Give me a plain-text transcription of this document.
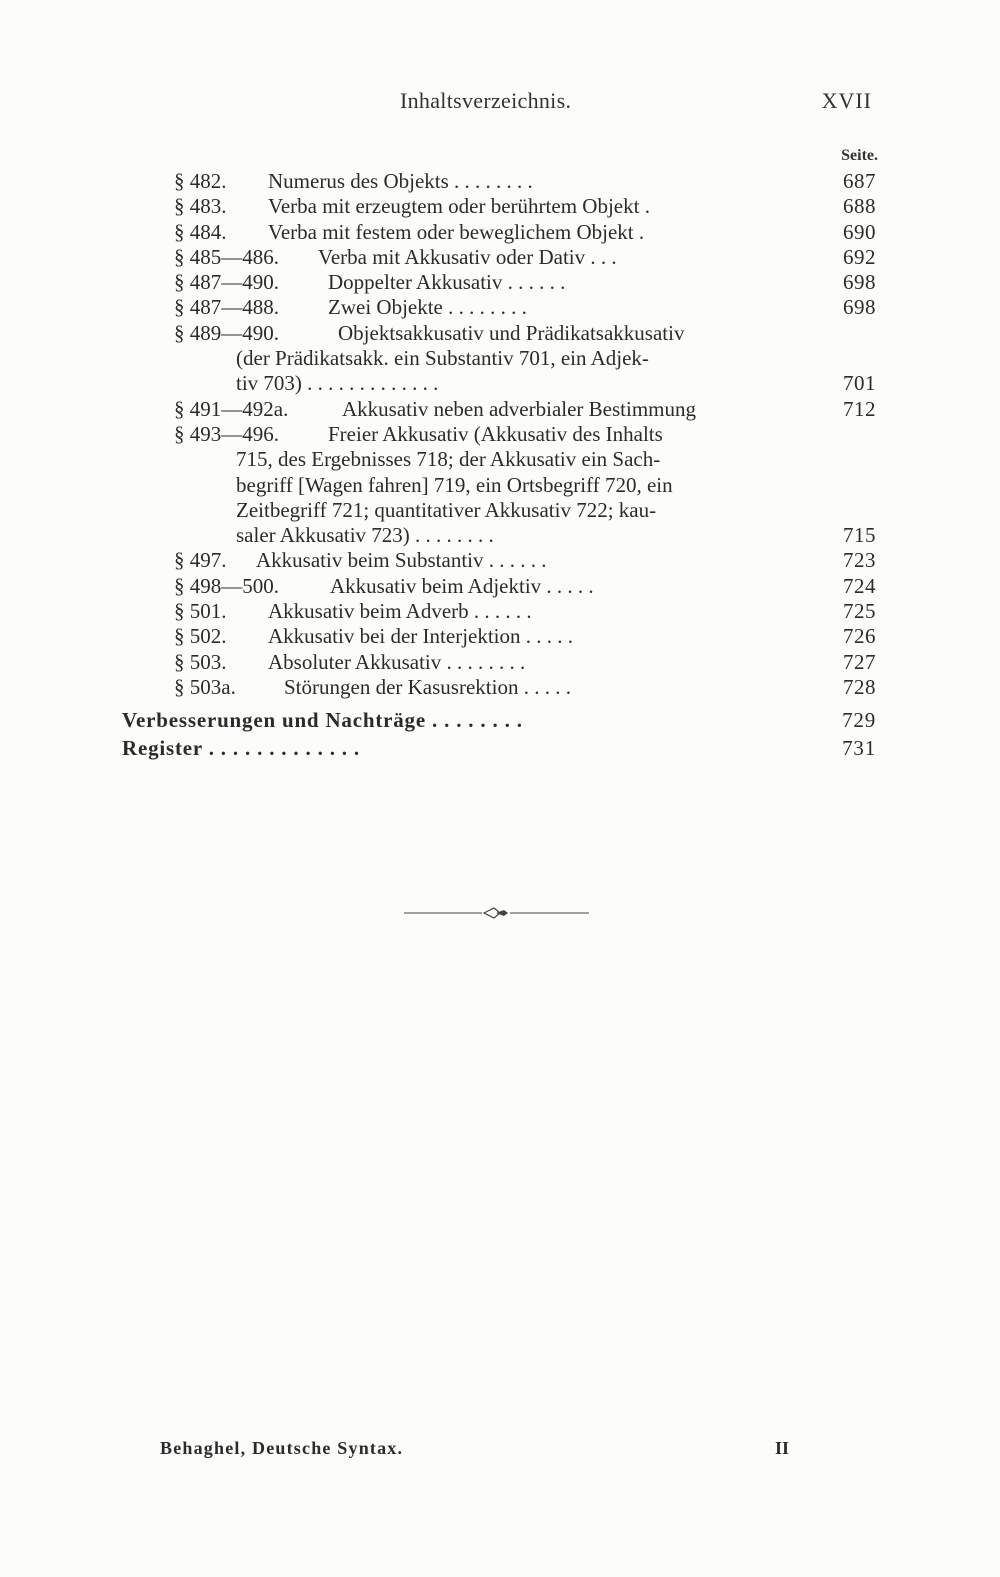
Inhaltsverzeichnis.	XVII
Seite.
§ 482. Numerus des Objekts . . . . . . . .	687
§ 483. Verba mit erzeugtem oder berührtem Objekt .	688
§ 484. Verba mit festem oder beweglichem Objekt .	690
§ 485—486. Verba mit Akkusativ oder Dativ . . .	692
§ 487—490. Doppelter Akkusativ . . . . . .	698
§ 487—488. Zwei Objekte . . . . . . . .	698
§ 489—490.	Objektsakkusativ und Prädikatsakkusativ
(der Prädikatsakk. ein Substantiv 701, ein Adjek-
tiv 703) . . . . . . . . . . . . .	701
§ 491—492a.	Akkusativ neben adverbialer Bestimmung	712
§ 493—496. Freier Akkusativ (Akkusativ des Inhalts
715, des Ergebnisses 718; der Akkusativ ein Sach-
begriff [Wagen fahren] 719, ein Ortsbegriff 720, ein
Zeitbegriff 721; quantitativer Akkusativ 722; kau-
saler Akkusativ 723) . . . . . . . .	715
§ 497. Akkusativ beim Substantiv . . . . . .	723
§ 498—500. Akkusativ beim Adjektiv . . . . .	724
§ 501. Akkusativ beim Adverb . . . . . .	725
§ 502. Akkusativ bei der Interjektion . . . . .	726
§ 503. Absoluter Akkusativ . . . . . . . .	727
§ 503a. Störungen der Kasusrektion . . . . .	728
Verbesserungen und Nachträge . . . . . . . .	729
Register . . . . . . . . . . . . .	731
Behaghel, Deutsche Syntax.	II
